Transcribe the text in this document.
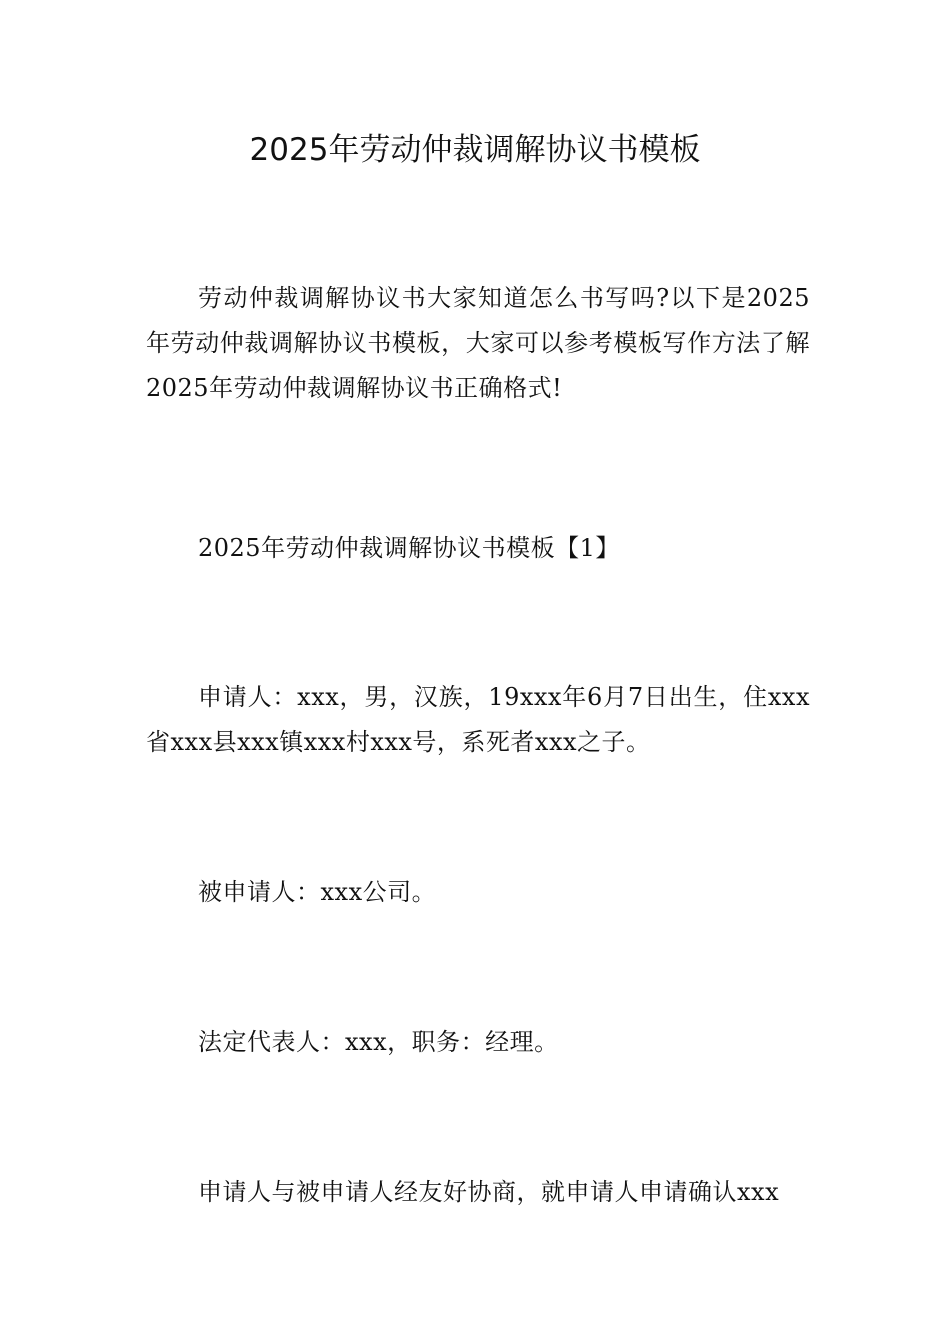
2025年劳动仲裁调解协议书模板

劳动仲裁调解协议书大家知道怎么书写吗?以下是2025年劳动仲裁调解协议书模板，大家可以参考模板写作方法了解2025年劳动仲裁调解协议书正确格式!

2025年劳动仲裁调解协议书模板【1】

申请人：xxx，男，汉族，19xxx年6月7日出生，住xxx省xxx县xxx镇xxx村xxx号，系死者xxx之子。

被申请人：xxx公司。

法定代表人：xxx，职务：经理。

申请人与被申请人经友好协商，就申请人申请确认xxx
